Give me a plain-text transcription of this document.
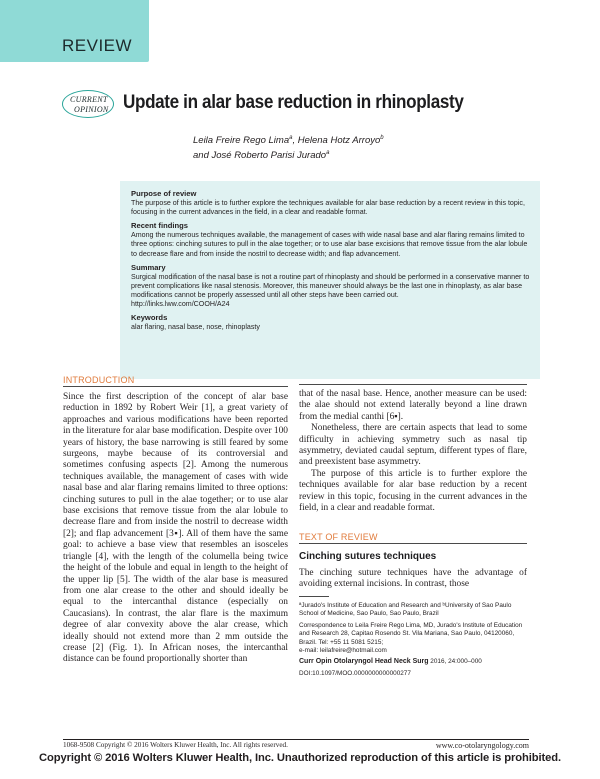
REVIEW
CURRENT
OPINION Update in alar base reduction in rhinoplasty
Leila Freire Rego Lima$^a$, Helena Hotz Arroyo$^b$
and José Roberto Parisi Jurado$^a$
Purpose of review

The purpose of this article is to further explore the techniques available for alar base reduction by a recent review in this topic, focusing in the current advances in the field, in a clear and readable format.

Recent findings

Among the numerous techniques available, the management of cases with wide nasal base and alar flaring remains limited to three options: cinching sutures to pull in the alae together; or to use alar base excisions that remove tissue from the alar lobule to decrease flare and from inside the nostril to decrease width; and flap advancement.

Summary

Surgical modification of the nasal base is not a routine part of rhinoplasty and should be performed in a conservative manner to prevent complications like nasal stenosis. Moreover, this maneuver should always be the last one in rhinoplasty, as alar base modifications cannot be properly assessed until all other steps have been carried out.

http://links.lww.com/COOH/A24

Keywords

alar flaring, nasal base, nose, rhinoplasty

INTRODUCTION

Since the first description of the concept of alar base reduction in 1892 by Robert Weir [1], a great variety of approaches and various modifications have been reported in the literature for alar base modification. Despite over 100 years of history, the base narrowing is still feared by some surgeons, maybe because of its controversial and sometimes confusing aspects [2]. Among the numerous techniques available, the management of cases with wide nasal base and alar flaring remains limited to three options: cinching sutures to pull in the alae together; or to use alar base excisions that remove tissue from the alar lobule to decrease flare and from inside the nostril to decrease width [2]; and flap advancement [3▪]. All of them have the same goal: to achieve a base view that resembles an isosceles triangle [4], with the length of the columella being twice the height of the lobule and equal in length to the height of the upper lip [5]. The width of the alar base is measured from one alar crease to the other and should ideally be equal to the intercanthal distance (especially on Caucasians). In contrast, the alar flare is the maximum degree of alar convexity above the alar crease, which ideally should not extend more than 2 mm outside the crease [2] (Fig. 1). In African noses, the intercanthal distance can be found proportionally shorter than

that of the nasal base. Hence, another measure can be used: the alae should not extend laterally beyond a line drawn from the medial canthi [6▪].

Nonetheless, there are certain aspects that lead to some difficulty in achieving symmetry such as nasal tip asymmetry, deviated caudal septum, different types of flare, and preexistent base asymmetry.

The purpose of this article is to further explore the techniques available for alar base reduction by a recent review in this topic, focusing in the current advances in the field, in a clear and readable format.

TEXT OF REVIEW
Cinching sutures techniques
The cinching suture techniques have the advantage of avoiding external incisions. In contrast, those

ªJurado's Institute of Education and Research and ᵇUniversity of Sao Paulo School of Medicine, Sao Paulo, Sao Paulo, Brazil

Correspondence to Leila Freire Rego Lima, MD, Jurado's Institute of Education and Research 28, Capitao Rosendo St. Vila Mariana, Sao Paulo, 04120060, Brazil. Tel: +55 11 5081 5215;
e-mail: leilafreire@hotmail.com

Curr Opin Otolaryngol Head Neck Surg 2016, 24:000–000

DOI:10.1097/MOO.0000000000000277

1068-9508 Copyright © 2016 Wolters Kluwer Health, Inc. All rights reserved.	www.co-otolaryngology.com
Copyright © 2016 Wolters Kluwer Health, Inc. Unauthorized reproduction of this article is prohibited.
